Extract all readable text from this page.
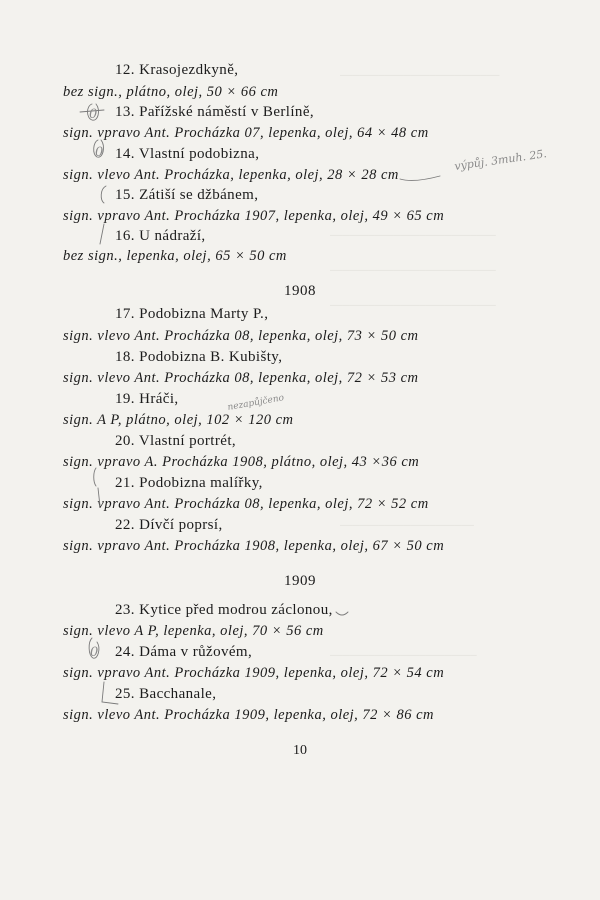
12. Krasojezdkyně,
bez sign., plátno, olej, 50 × 66 cm
13. Pařížské náměstí v Berlíně,
sign. vpravo Ant. Procházka 07, lepenka, olej, 64 × 48 cm
14. Vlastní podobizna,
sign. vlevo Ant. Procházka, lepenka, olej, 28 × 28 cm
15. Zátiší se džbánem,
sign. vpravo Ant. Procházka 1907, lepenka, olej, 49 × 65 cm
16. U nádraží,
bez sign., lepenka, olej, 65 × 50 cm
1908
17. Podobizna Marty P.,
sign. vlevo Ant. Procházka 08, lepenka, olej, 73 × 50 cm
18. Podobizna B. Kubišty,
sign. vlevo Ant. Procházka 08, lepenka, olej, 72 × 53 cm
19. Hráči,
sign. A P, plátno, olej, 102 × 120 cm
20. Vlastní portrét,
sign. vpravo A. Procházka 1908, plátno, olej, 43 ×36 cm
21. Podobizna malířky,
sign. vpravo Ant. Procházka 08, lepenka, olej, 72 × 52 cm
22. Dívčí poprsí,
sign. vpravo Ant. Procházka 1908, lepenka, olej, 67 × 50 cm
1909
23. Kytice před modrou záclonou,
sign. vlevo A P, lepenka, olej, 70 × 56 cm
24. Dáma v růžovém,
sign. vpravo Ant. Procházka 1909, lepenka, olej, 72 × 54 cm
25. Bacchanale,
sign. vlevo Ant. Procházka 1909, lepenka, olej, 72 × 86 cm
10
─────────────────────────
──────────────────────────
──────────────────────────
──────────────────────────
─────────────────────
───────────────────────
výpůj. 3muh. 25.
nezapůjčeno
0
0
0
